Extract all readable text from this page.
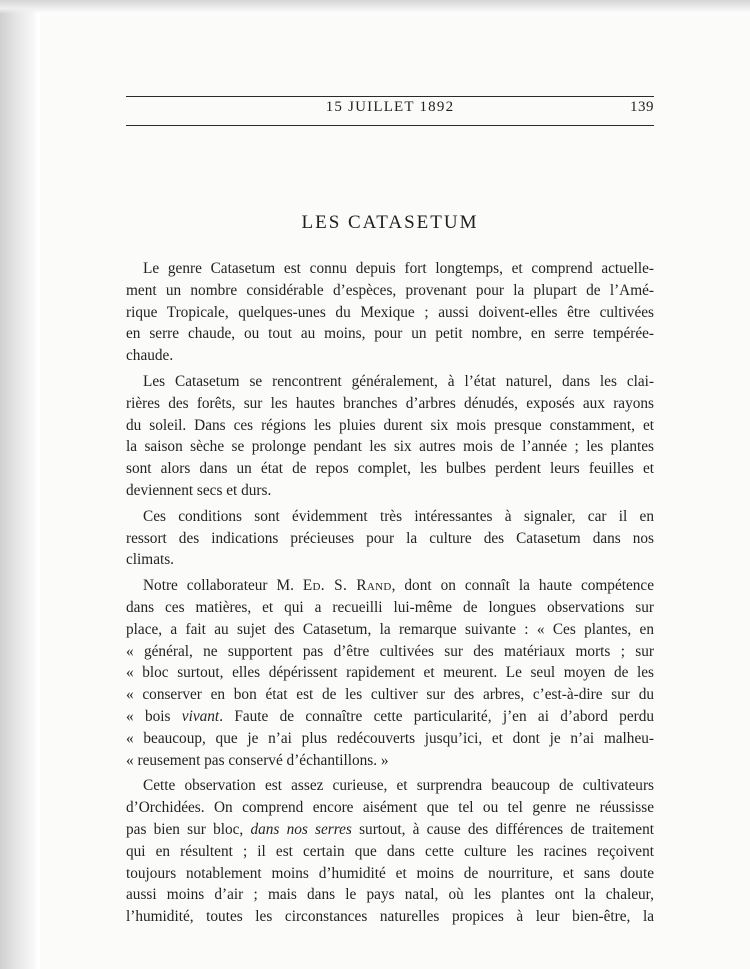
15 JUILLET 1892	139
LES CATASETUM

Le genre Catasetum est connu depuis fort longtemps, et comprend actuelle-
ment un nombre considérable d’espèces, provenant pour la plupart de l’Amé-
rique Tropicale, quelques-unes du Mexique ; aussi doivent-elles être cultivées
en serre chaude, ou tout au moins, pour un petit nombre, en serre tempérée-
chaude.

Les Catasetum se rencontrent généralement, à l’état naturel, dans les clai-
rières des forêts, sur les hautes branches d’arbres dénudés, exposés aux rayons
du soleil. Dans ces régions les pluies durent six mois presque constamment, et
la saison sèche se prolonge pendant les six autres mois de l’année ; les plantes
sont alors dans un état de repos complet, les bulbes perdent leurs feuilles et
deviennent secs et durs.

Ces conditions sont évidemment très intéressantes à signaler, car il en
ressort des indications précieuses pour la culture des Catasetum dans nos
climats.

Notre collaborateur M. Ed. S. Rand, dont on connaît la haute compétence
dans ces matières, et qui a recueilli lui-même de longues observations sur
place, a fait au sujet des Catasetum, la remarque suivante : « Ces plantes, en
« général, ne supportent pas d’être cultivées sur des matériaux morts ; sur
« bloc surtout, elles dépérissent rapidement et meurent. Le seul moyen de les
« conserver en bon état est de les cultiver sur des arbres, c’est-à-dire sur du
« bois vivant. Faute de connaître cette particularité, j’en ai d’abord perdu
« beaucoup, que je n’ai plus redécouverts jusqu’ici, et dont je n’ai malheu-
« reusement pas conservé d’échantillons. »

Cette observation est assez curieuse, et surprendra beaucoup de cultivateurs
d’Orchidées. On comprend encore aisément que tel ou tel genre ne réussisse
pas bien sur bloc, dans nos serres surtout, à cause des différences de traitement
qui en résultent ; il est certain que dans cette culture les racines reçoivent
toujours notablement moins d’humidité et moins de nourriture, et sans doute
aussi moins d’air ; mais dans le pays natal, où les plantes ont la chaleur,
l’humidité, toutes les circonstances naturelles propices à leur bien-être, la
